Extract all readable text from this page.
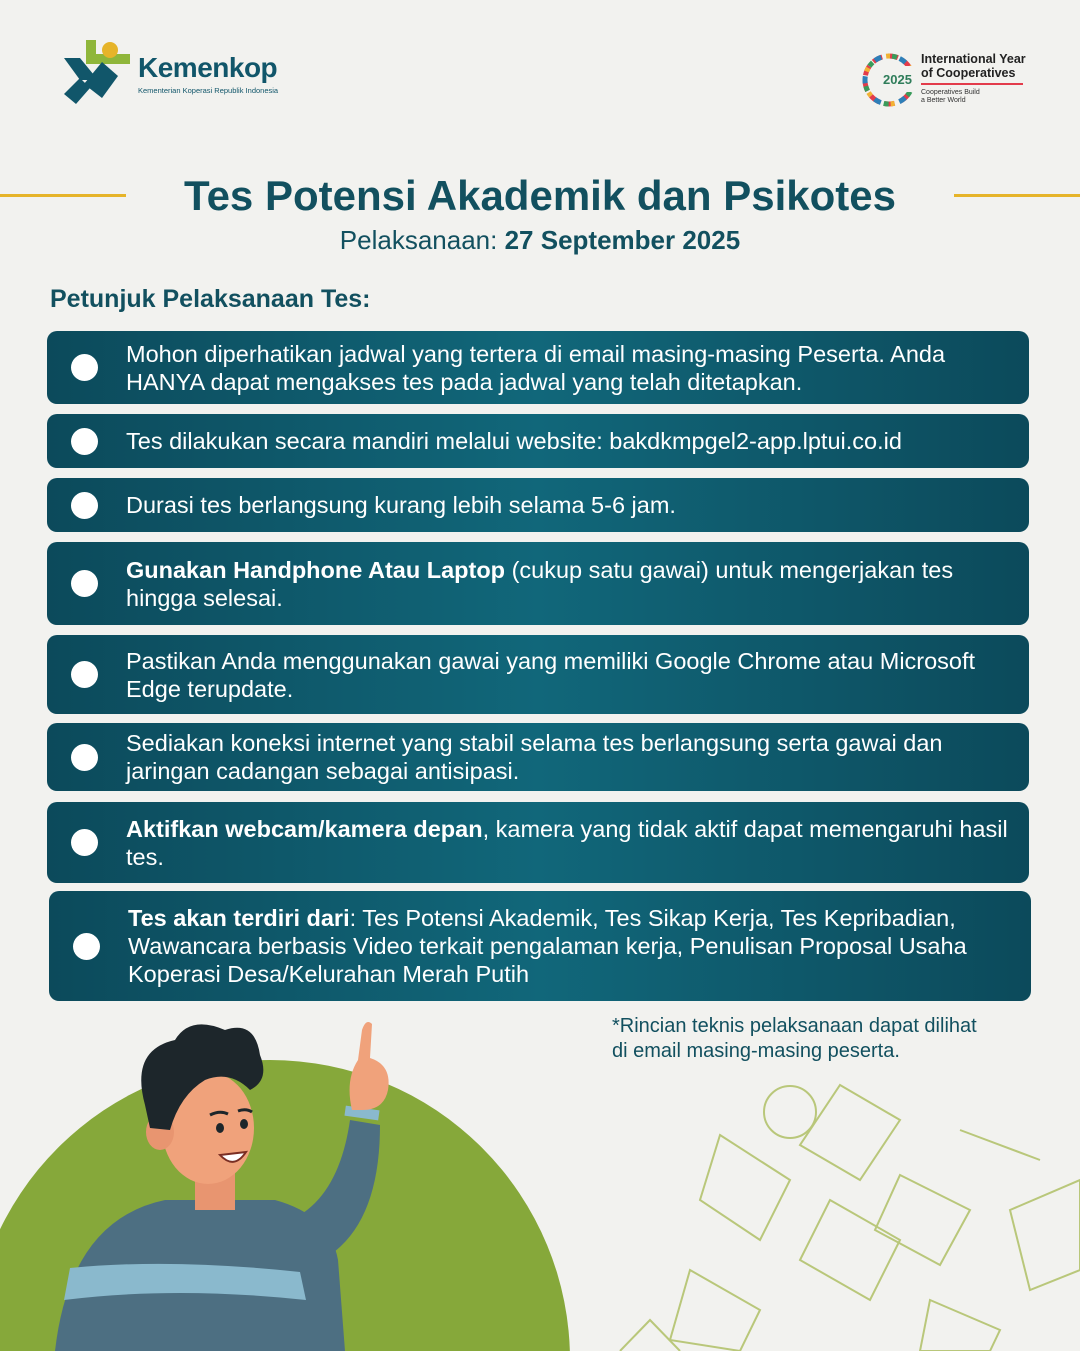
Kemenkop
Kementerian Koperasi Republik Indonesia
2025
International Year
of Cooperatives
Cooperatives Build
a Better World
Tes Potensi Akademik dan Psikotes
Pelaksanaan: 27 September 2025
Petunjuk Pelaksanaan Tes:
Mohon diperhatikan jadwal yang tertera di email masing-masing Peserta. Anda HANYA dapat mengakses tes pada jadwal yang telah ditetapkan.
Tes dilakukan secara mandiri melalui website: bakdkmpgel2-app.lptui.co.id
Durasi tes berlangsung kurang lebih selama 5-6 jam.
Gunakan Handphone Atau Laptop (cukup satu gawai) untuk mengerjakan tes hingga selesai.
Pastikan Anda menggunakan gawai yang memiliki Google Chrome atau Microsoft Edge terupdate.
Sediakan koneksi internet yang stabil selama tes berlangsung serta gawai dan jaringan cadangan sebagai antisipasi.
Aktifkan webcam/kamera depan, kamera yang tidak aktif dapat memengaruhi hasil tes.
Tes akan terdiri dari: Tes Potensi Akademik, Tes Sikap Kerja, Tes Kepribadian, Wawancara berbasis Video terkait pengalaman kerja, Penulisan Proposal Usaha Koperasi Desa/Kelurahan Merah Putih
*Rincian teknis pelaksanaan dapat dilihat
di email masing-masing peserta.
